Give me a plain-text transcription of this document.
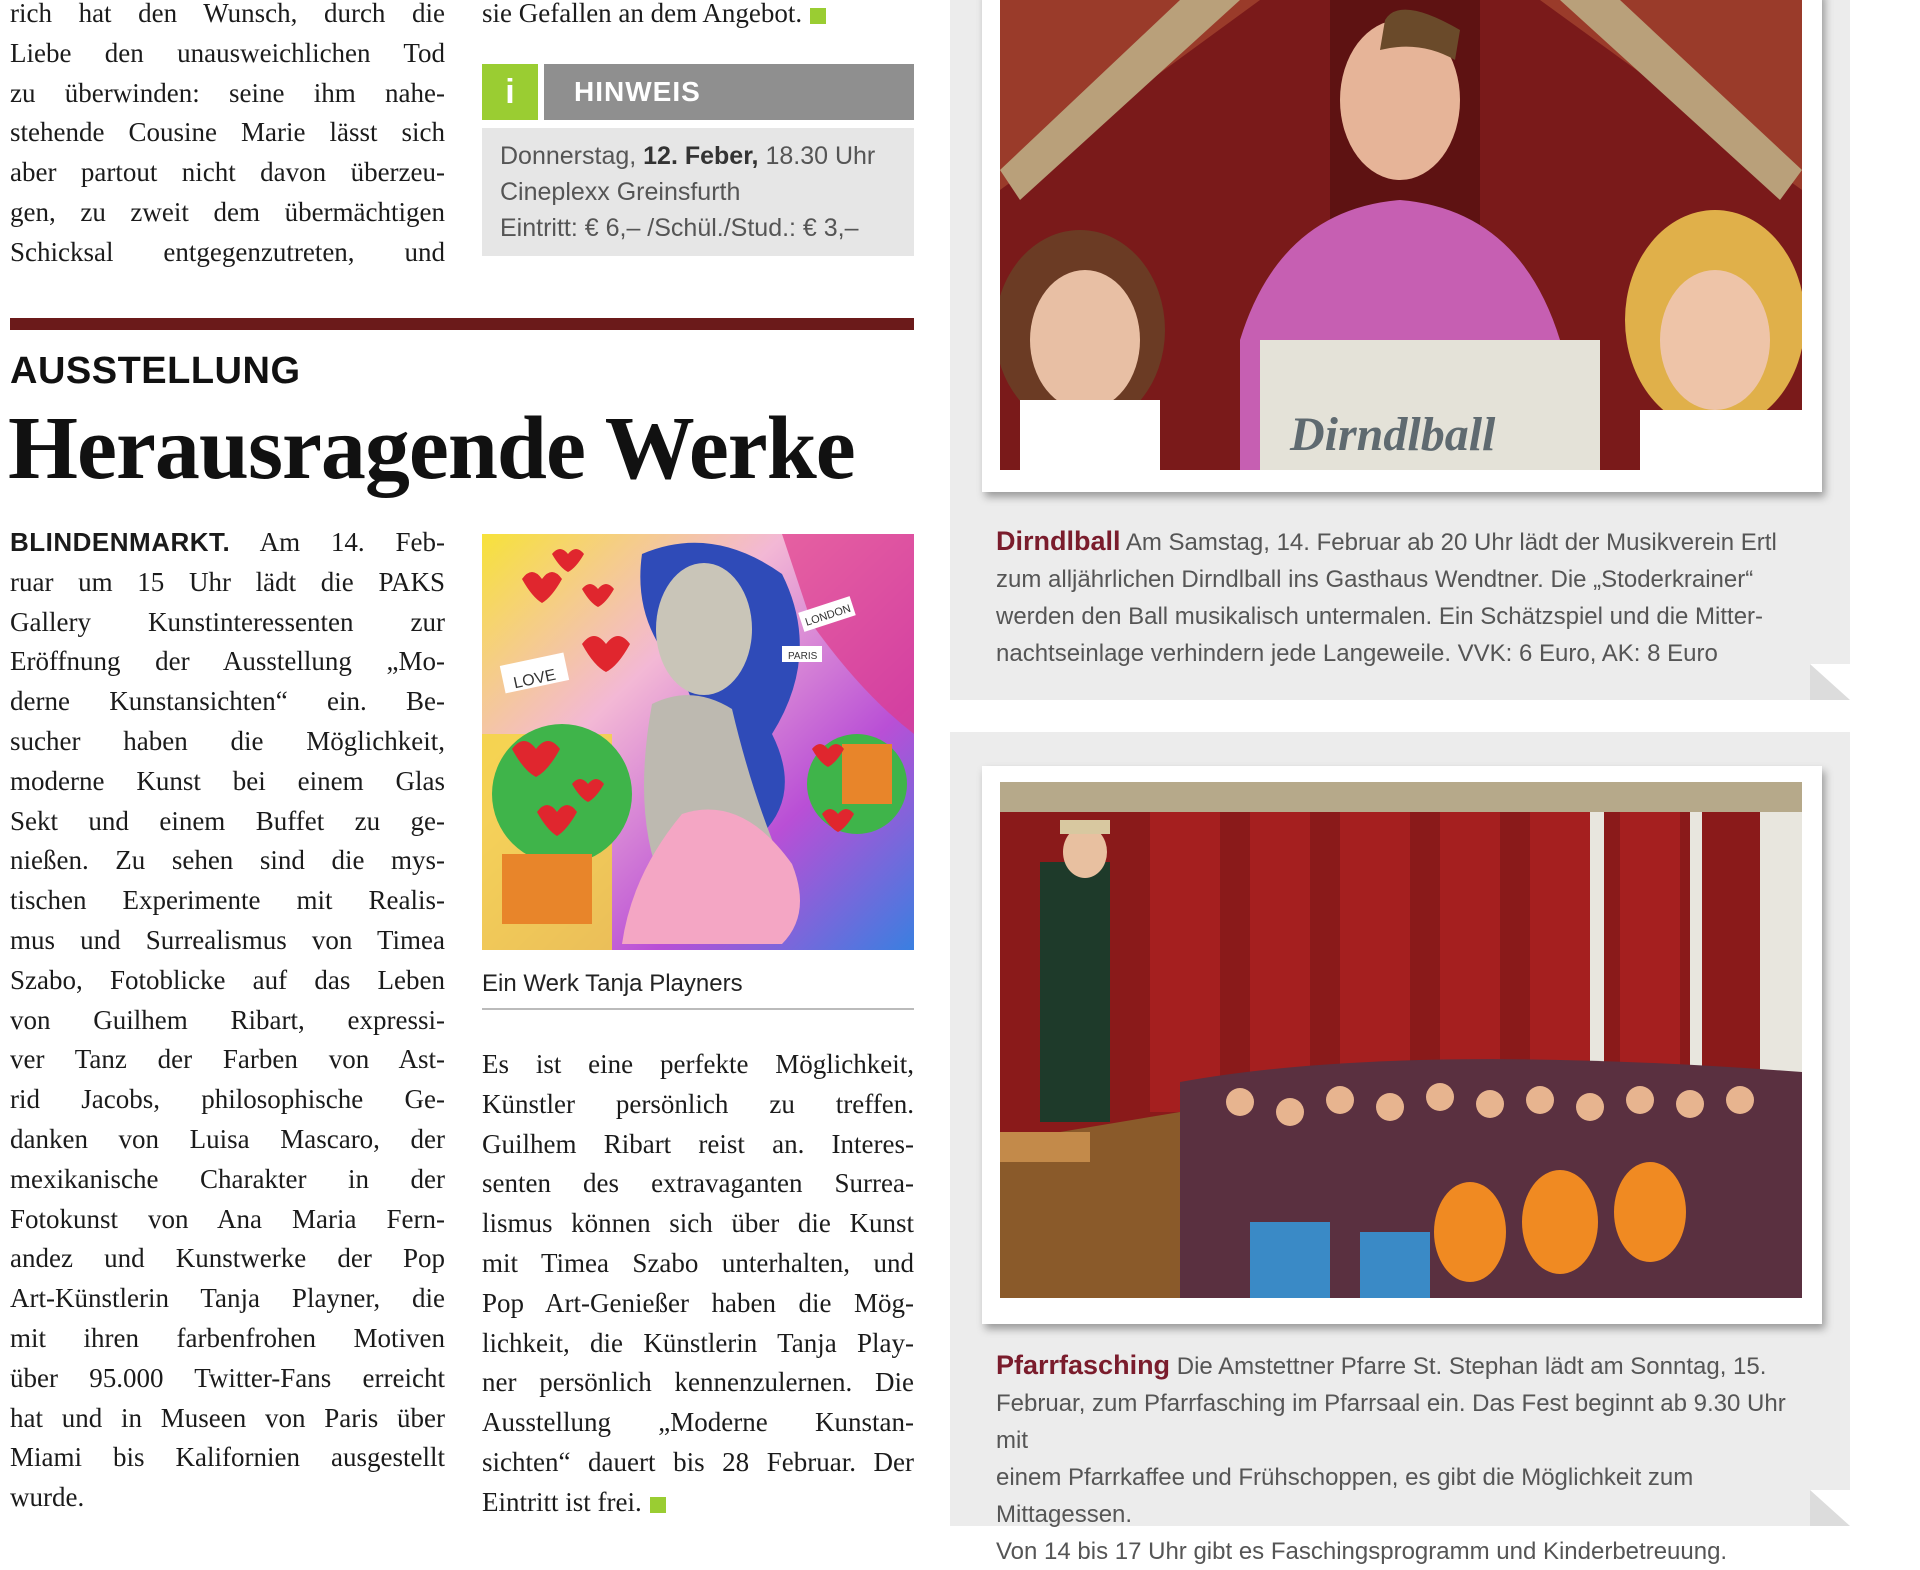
rich hat den Wunsch, durch die

Liebe den unausweichlichen Tod

zu überwinden: seine ihm nahe-

stehende Cousine Marie lässt sich

aber partout nicht davon überzeu-

gen, zu zweit dem übermächtigen

Schicksal entgegenzutreten, und

sie Gefallen an dem Angebot.
i	HINWEIS
Donnerstag, 12. Feber, 18.30 Uhr
Cineplexx Greinsfurth
Eintritt: € 6,– /Schül./Stud.: € 3,–
AUSSTELLUNG
Herausragende Werke

BLINDENMARKT. Am 14. Feb-

ruar um 15 Uhr lädt die PAKS

Gallery Kunstinteressenten zur

Eröffnung der Ausstellung „Mo-

derne Kunstansichten“ ein. Be-

sucher haben die Möglichkeit,

moderne Kunst bei einem Glas

Sekt und einem Buffet zu ge-

nießen. Zu sehen sind die mys-

tischen Experimente mit Realis-

mus und Surrealismus von Timea

Szabo, Fotoblicke auf das Leben

von Guilhem Ribart, expressi-

ver Tanz der Farben von Ast-

rid Jacobs, philosophische Ge-

danken von Luisa Mascaro, der

mexikanische Charakter in der

Fotokunst von Ana Maria Fern-

andez und Kunstwerke der Pop

Art-Künstlerin Tanja Playner, die

mit ihren farbenfrohen Motiven

über 95.000 Twitter-Fans erreicht

hat und in Museen von Paris über

Miami bis Kalifornien ausgestellt

wurde.

LOVE
LONDON
PARIS
Ein Werk Tanja Playners

Es ist eine perfekte Möglichkeit,

Künstler persönlich zu treffen.

Guilhem Ribart reist an. Interes-

senten des extravaganten Surrea-

lismus können sich über die Kunst

mit Timea Szabo unterhalten, und

Pop Art-Genießer haben die Mög-

lichkeit, die Künstlerin Tanja Play-

ner persönlich kennenzulernen. Die

Ausstellung „Moderne Kunstan-

sichten“ dauert bis 28 Februar. Der

Eintritt ist frei.

Dirndlball
Dirndlball Am Samstag, 14. Februar ab 20 Uhr lädt der Musikverein Ertl
zum alljährlichen Dirndlball ins Gasthaus Wendtner. Die „Stoderkrainer“
werden den Ball musikalisch untermalen. Ein Schätzspiel und die Mitter-
nachtseinlage verhindern jede Langeweile. VVK: 6 Euro, AK: 8 Euro
Pfarrfasching Die Amstettner Pfarre St. Stephan lädt am Sonntag, 15.
Februar, zum Pfarrfasching im Pfarrsaal ein. Das Fest beginnt ab 9.30 Uhr mit
einem Pfarrkaffee und Frühschoppen, es gibt die Möglichkeit zum Mittagessen.
Von 14 bis 17 Uhr gibt es Faschingsprogramm und Kinderbetreuung.
